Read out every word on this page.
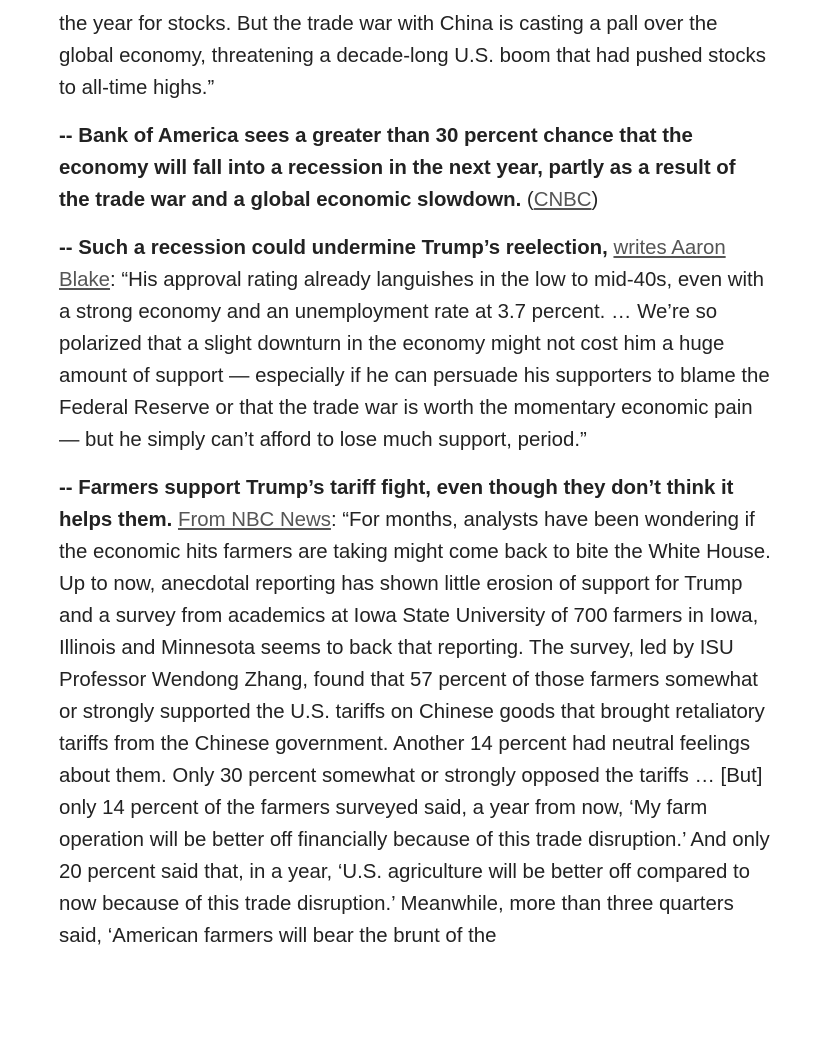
the year for stocks. But the trade war with China is casting a pall over the global economy, threatening a decade-long U.S. boom that had pushed stocks to all-time highs.”

-- Bank of America sees a greater than 30 percent chance that the economy will fall into a recession in the next year, partly as a result of the trade war and a global economic slowdown. (CNBC)

-- Such a recession could undermine Trump’s reelection, writes Aaron Blake: “His approval rating already languishes in the low to mid-40s, even with a strong economy and an unemployment rate at 3.7 percent. … We’re so polarized that a slight downturn in the economy might not cost him a huge amount of support — especially if he can persuade his supporters to blame the Federal Reserve or that the trade war is worth the momentary economic pain — but he simply can’t afford to lose much support, period.”

-- Farmers support Trump’s tariff fight, even though they don’t think it helps them. From NBC News: “For months, analysts have been wondering if the economic hits farmers are taking might come back to bite the White House. Up to now, anecdotal reporting has shown little erosion of support for Trump and a survey from academics at Iowa State University of 700 farmers in Iowa, Illinois and Minnesota seems to back that reporting. The survey, led by ISU Professor Wendong Zhang, found that 57 percent of those farmers somewhat or strongly supported the U.S. tariffs on Chinese goods that brought retaliatory tariffs from the Chinese government. Another 14 percent had neutral feelings about them. Only 30 percent somewhat or strongly opposed the tariffs … [But] only 14 percent of the farmers surveyed said, a year from now, ‘My farm operation will be better off financially because of this trade disruption.’ And only 20 percent said that, in a year, ‘U.S. agriculture will be better off compared to now because of this trade disruption.’ Meanwhile, more than three quarters said, ‘American farmers will bear the brunt of the
